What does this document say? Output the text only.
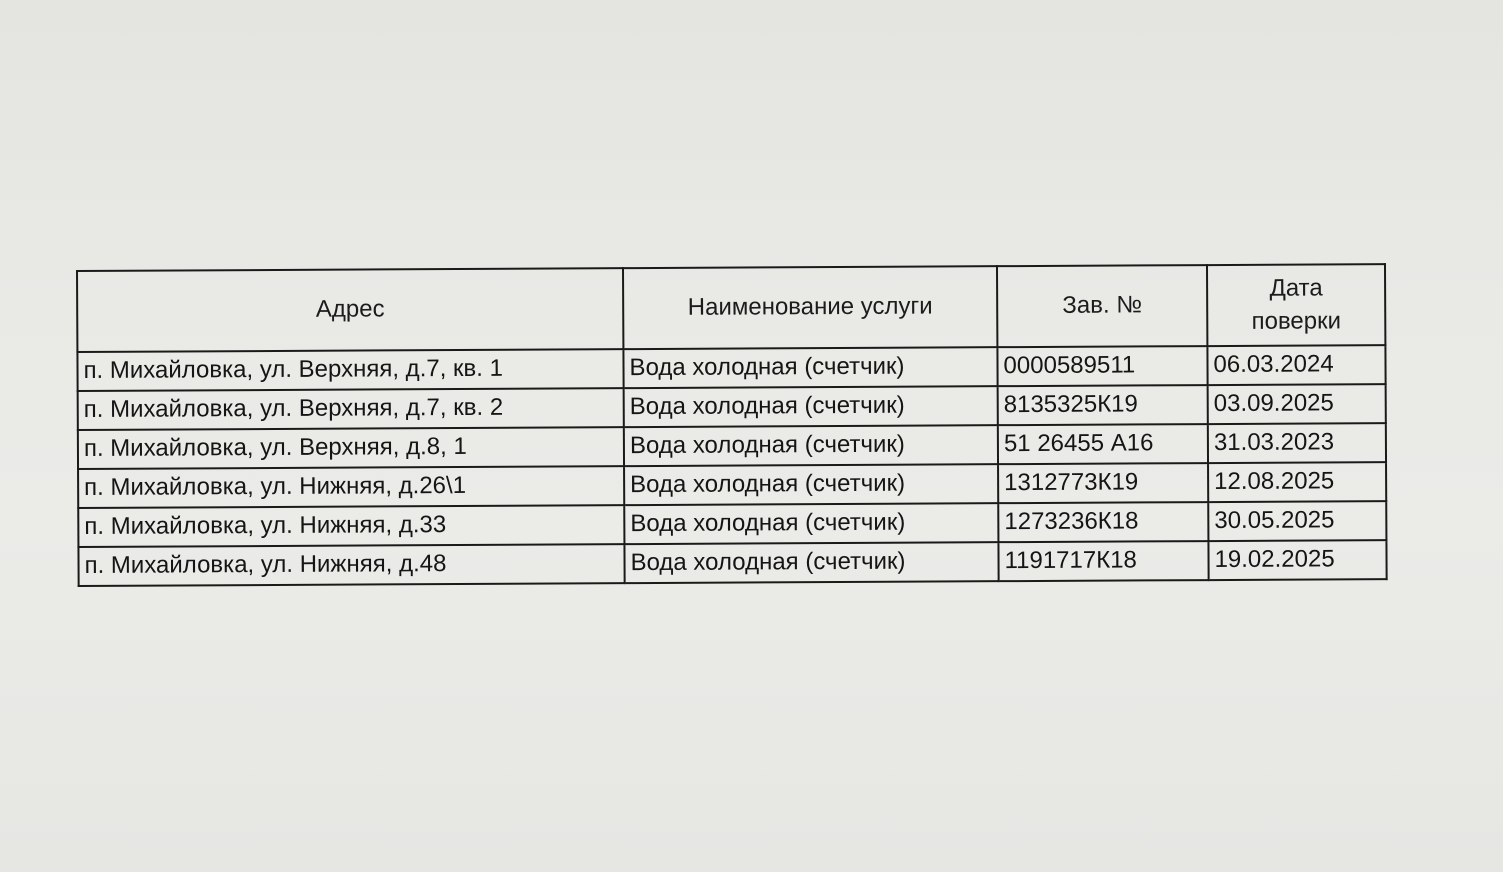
Адрес	Наименование услуги	Зав. №	Дата
поверки

п. Михайловка, ул. Верхняя, д.7, кв. 1	Вода холодная (счетчик)	0000589511	06.03.2024
п. Михайловка, ул. Верхняя, д.7, кв. 2	Вода холодная (счетчик)	8135325К19	03.09.2025
п. Михайловка, ул. Верхняя, д.8, 1	Вода холодная (счетчик)	51 26455 А16	31.03.2023
п. Михайловка, ул. Нижняя, д.26\1	Вода холодная (счетчик)	1312773К19	12.08.2025
п. Михайловка, ул. Нижняя, д.33	Вода холодная (счетчик)	1273236К18	30.05.2025
п. Михайловка, ул. Нижняя, д.48	Вода холодная (счетчик)	1191717К18	19.02.2025
